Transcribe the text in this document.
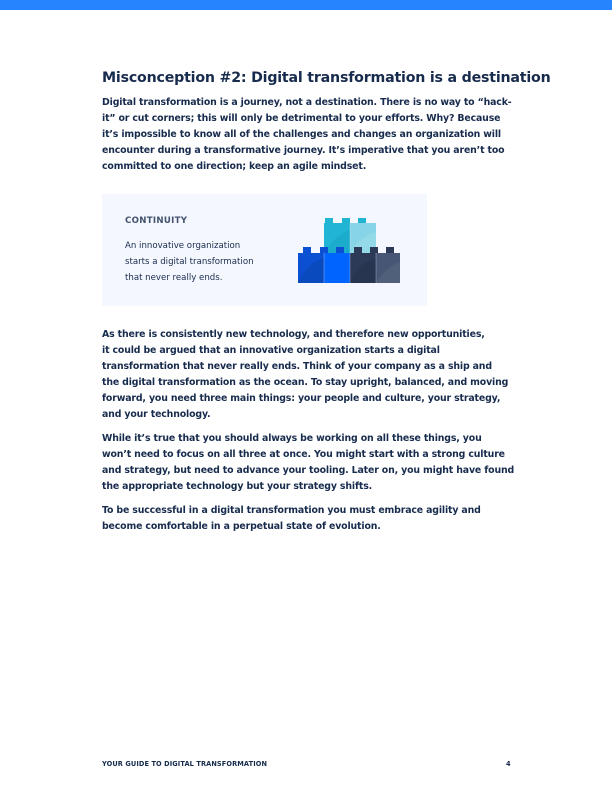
Misconception #2: Digital transformation is a destination

Digital transformation is a journey, not a destination. There is no way to “hack-
it” or cut corners; this will only be detrimental to your efforts. Why? Because
it’s impossible to know all of the challenges and changes an organization will
encounter during a transformative journey. It’s imperative that you aren’t too
committed to one direction; keep an agile mindset.

CONTINUITY
An innovative organization
starts a digital transformation
that never really ends.

As there is consistently new technology, and therefore new opportunities,
it could be argued that an innovative organization starts a digital
transformation that never really ends. Think of your company as a ship and
the digital transformation as the ocean. To stay upright, balanced, and moving
forward, you need three main things: your people and culture, your strategy,
and your technology.

While it’s true that you should always be working on all these things, you
won’t need to focus on all three at once. You might start with a strong culture
and strategy, but need to advance your tooling. Later on, you might have found
the appropriate technology but your strategy shifts.

To be successful in a digital transformation you must embrace agility and
become comfortable in a perpetual state of evolution.

YOUR GUIDE TO DIGITAL TRANSFORMATION	4
